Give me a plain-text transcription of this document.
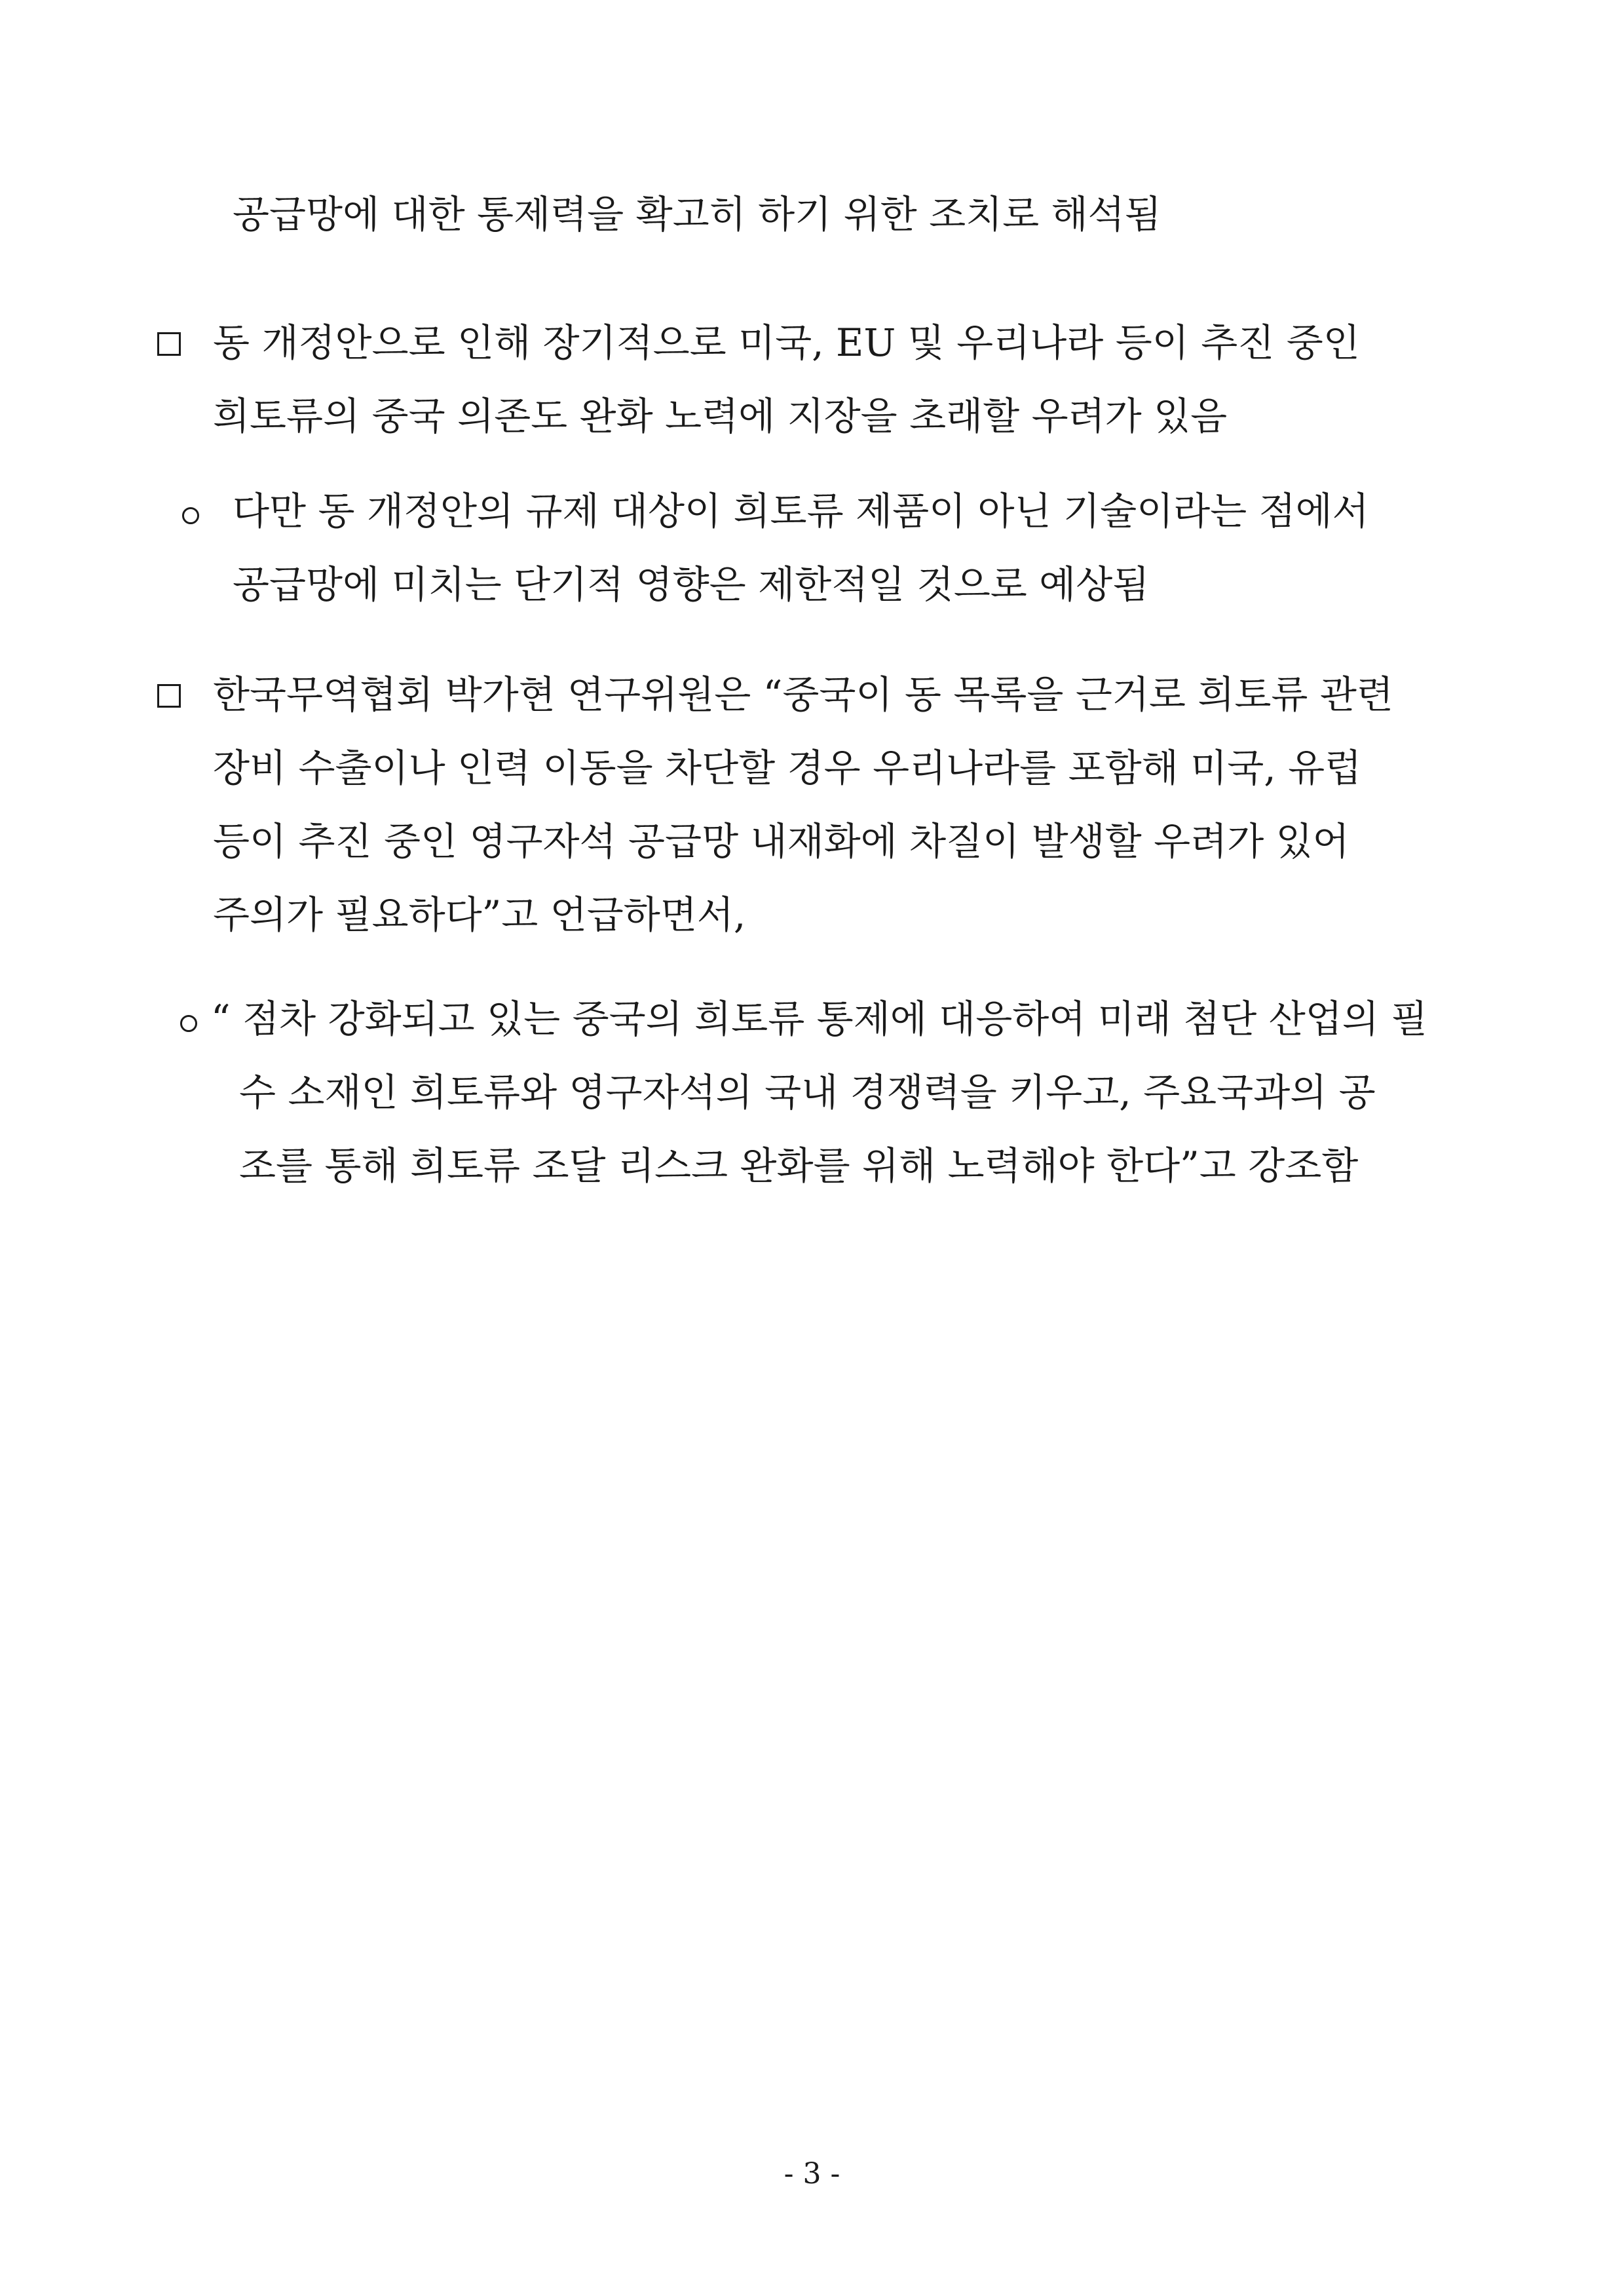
공급망에 대한 통제력을 확고히 하기 위한 조치로 해석됨
동 개정안으로 인해 장기적으로 미국, EU 및 우리나라 등이 추진 중인
희토류의 중국 의존도 완화 노력에 지장을 초래할 우려가 있음
다만 동 개정안의 규제 대상이 희토류 제품이 아닌 기술이라는 점에서
공급망에 미치는 단기적 영향은 제한적일 것으로 예상됨
한국무역협회 박가현 연구위원은 “중국이 동 목록을 근거로 희토류 관련
장비 수출이나 인력 이동을 차단할 경우 우리나라를 포함해 미국, 유럽
등이 추진 중인 영구자석 공급망 내재화에 차질이 발생할 우려가 있어
주의가 필요하다”고 언급하면서,
“ 점차 강화되고 있는 중국의 희토류 통제에 대응하여 미래 첨단 산업의 필
수 소재인 희토류와 영구자석의 국내 경쟁력을 키우고, 주요국과의 공
조를 통해 희토류 조달 리스크 완화를 위해 노력해야 한다”고 강조함
- 3 -
